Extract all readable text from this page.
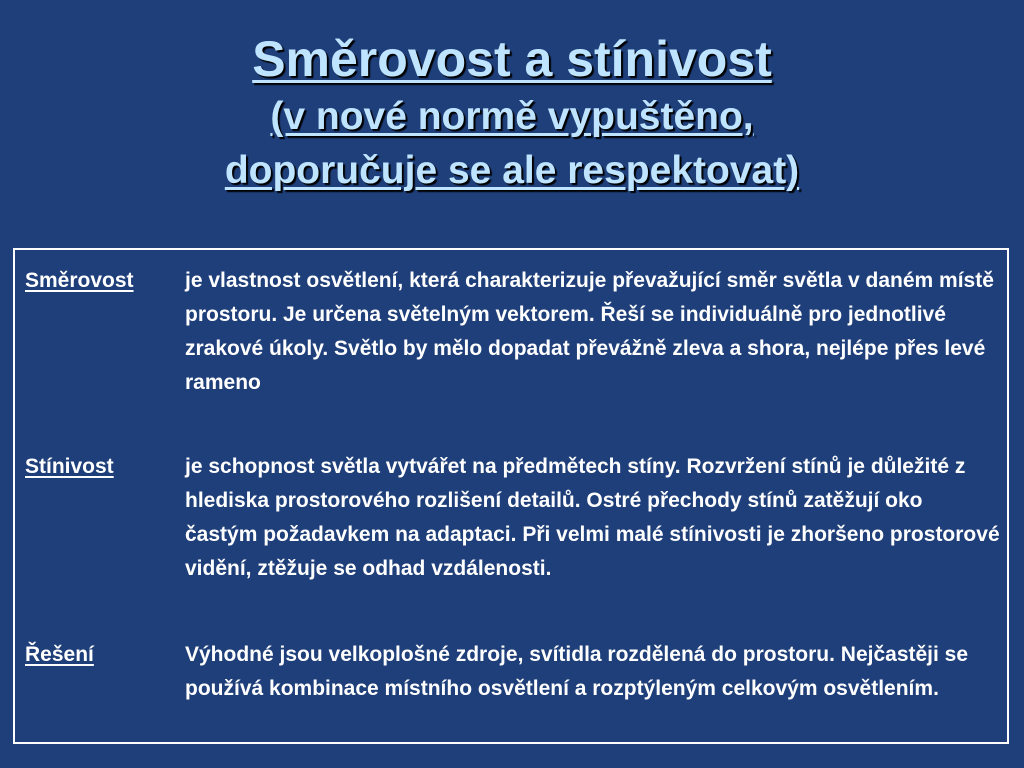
Směrovost a stínivost
(v nové normě vypuštěno,
doporučuje se ale respektovat)
Směrovost je vlastnost osvětlení, která charakterizuje převažující směr světla v daném místě prostoru. Je určena světelným vektorem. Řeší se individuálně pro jednotlivé zrakové úkoly. Světlo by mělo dopadat převážně zleva a shora, nejlépe přes levé rameno
Stínivost	je schopnost světla vytvářet na předmětech stíny. Rozvržení stínů je důležité z hlediska prostorového rozlišení detailů. Ostré přechody stínů zatěžují oko častým požadavkem na adaptaci. Při velmi malé stínivosti je zhoršeno prostorové vidění, ztěžuje se odhad vzdálenosti.
Řešení	Výhodné jsou velkoplošné zdroje, svítidla rozdělená do prostoru. Nejčastěji se používá kombinace místního osvětlení a rozptýleným celkovým osvětlením.
